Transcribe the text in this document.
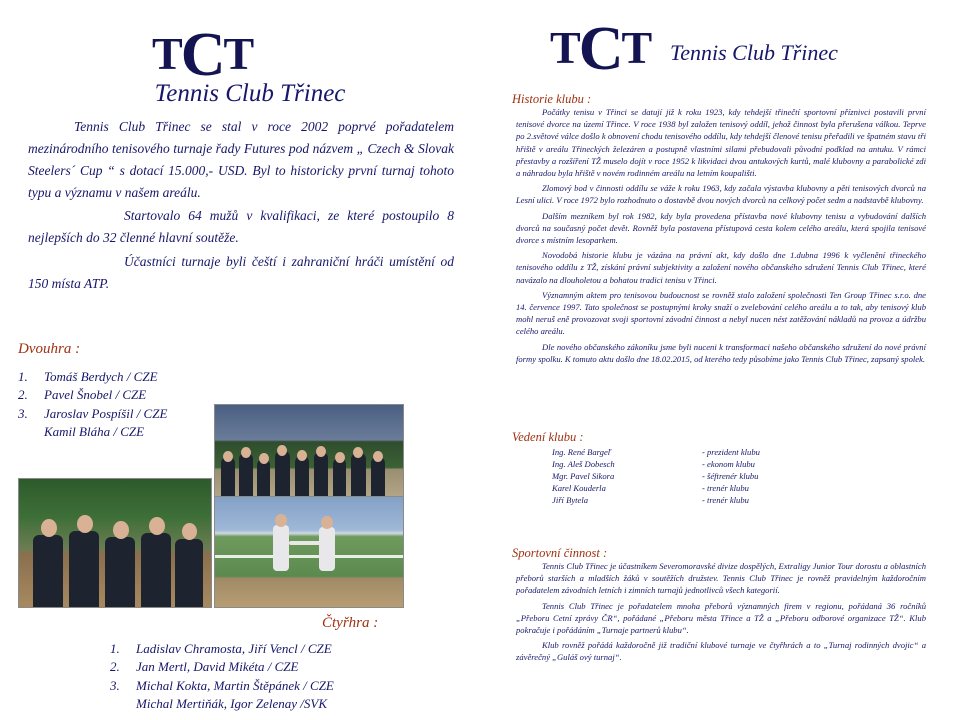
TCT
Tennis Club Třinec

Tennis Club Třinec se stal v roce 2002 poprvé pořadatelem mezinárodního tenisového turnaje řady Futures pod názvem „ Czech & Slovak Steelers´ Cup “ s dotací 15.000,- USD. Byl to historicky první turnaj tohoto typu a významu v našem areálu.

Startovalo 64 mužů v kvalifikaci, ze které postoupilo 8 nejlepších do 32 členné hlavní soutěže.

Účastníci turnaje byli čeští i zahraniční hráči umístění od 150 místa ATP.

Dvouhra :
1. Tomáš Berdych / CZE
2. Pavel Šnobel / CZE
3. Jaroslav Pospíšil / CZE
Kamil Bláha / CZE
Čtyřhra :
1. Ladislav Chramosta, Jiří Vencl / CZE
2. Jan Mertl, David Mikéta / CZE
3. Michal Kokta, Martin Štěpánek / CZE
Michal Mertiňák, Igor Zelenay /SVK
TCT Tennis Club Třinec
Historie klubu :

Počátky tenisu v Třinci se datují již k roku 1923, kdy tehdejší třinečtí sportovní příznivci postavili první tenisové dvorce na území Třince. V roce 1938 byl založen tenisový oddíl, jehož činnost byla přerušena válkou. Teprve po 2.světové válce došlo k obnovení chodu tenisového oddílu, kdy tehdejší členové tenisu přeřadili ve špatném stavu tři hřiště v areálu Třineckých železáren a postupně vlastními silami přebudovali původní podklad na antuku. V rámci přestavby a rozšíření TŽ muselo dojít v roce 1952 k likvidaci dvou antukových kurtů, malé klubovny a parabolické zdi a náhradou byla hřiště v novém rodinném areálu na letním koupališti.

Zlomový bod v činnosti oddílu se váže k roku 1963, kdy začala výstavba klubovny a pěti tenisových dvorců na Lesní ulici. V roce 1972 bylo rozhodnuto o dostavbě dvou nových dvorců na celkový počet sedm a nadstavbě klubovny.

Dalším mezníkem byl rok 1982, kdy byla provedena přístavba nové klubovny tenisu a vybudování dalších dvorců na současný počet devět. Rovněž byla postavena přístupová cesta kolem celého areálu, která spojila tenisové dvorce s místním lesoparkem.

Novodobá historie klubu je vázána na právní akt, kdy došlo dne 1.dubna 1996 k vyčlenění třineckého tenisového oddílu z TŽ, získání právní subjektivity a založení nového občanského sdružení Tennis Club Třinec, které navázalo na dlouholetou a bohatou tradici tenisu v Třinci.

Významným aktem pro tenisovou budoucnost se rovněž stalo založení společnosti Ten Group Třinec s.r.o. dne 14. července 1997. Tato společnost se postupnými kroky snaží o zvelebování celého areálu a to tak, aby tenisový klub mohl neruš eně provozovat svoji sportovní závodní činnost a nebyl nucen nést zatěžování nákladů na provoz a údržbu celého areálu.

Dle nového občanského zákoníku jsme byli nuceni k transformaci našeho občanského sdružení do nové právní formy spolku. K tomuto aktu došlo dne 18.02.2015, od kterého tedy působíme jako Tennis Club Třinec, zapsaný spolek.

Vedení klubu :
Ing. René Bargeľ	- prezident klubu
Ing. Aleš Dobesch	- ekonom klubu
Mgr. Pavel Sikora	- šéftrenér klubu
Karel Kouderlа	- trenér klubu
Jiří Bytela	- trenér klubu
Sportovní činnost :

Tennis Club Třinec je účastníkem Severomoravské divize dospělých, Extraligy Junior Tour dorostu a oblastních přeborů starších a mladších žáků v soutěžích družstev. Tennis Club Třinec je rovněž pravidelným každoročním pořadatelem závodních letních i zimních turnajů jednotlivců všech kategorií.

Tennis Club Třinec je pořadatelem mnoha přeborů významných firem v regionu, pořádaná 36 ročníků „Přeboru Cetní zprávy ČR“, pořádané „Přeboru města Třince a TŽ a „Přeboru odborové organizace TŽ“. Klub pokračuje i pořádáním „Turnaje partnerů klubu“.

Klub rovněž pořádá každoročně již tradiční klubové turnaje ve čtyřhrách a to „Turnaj rodinných dvojic“ a závěrečný „Guláš ový turnaj“.
